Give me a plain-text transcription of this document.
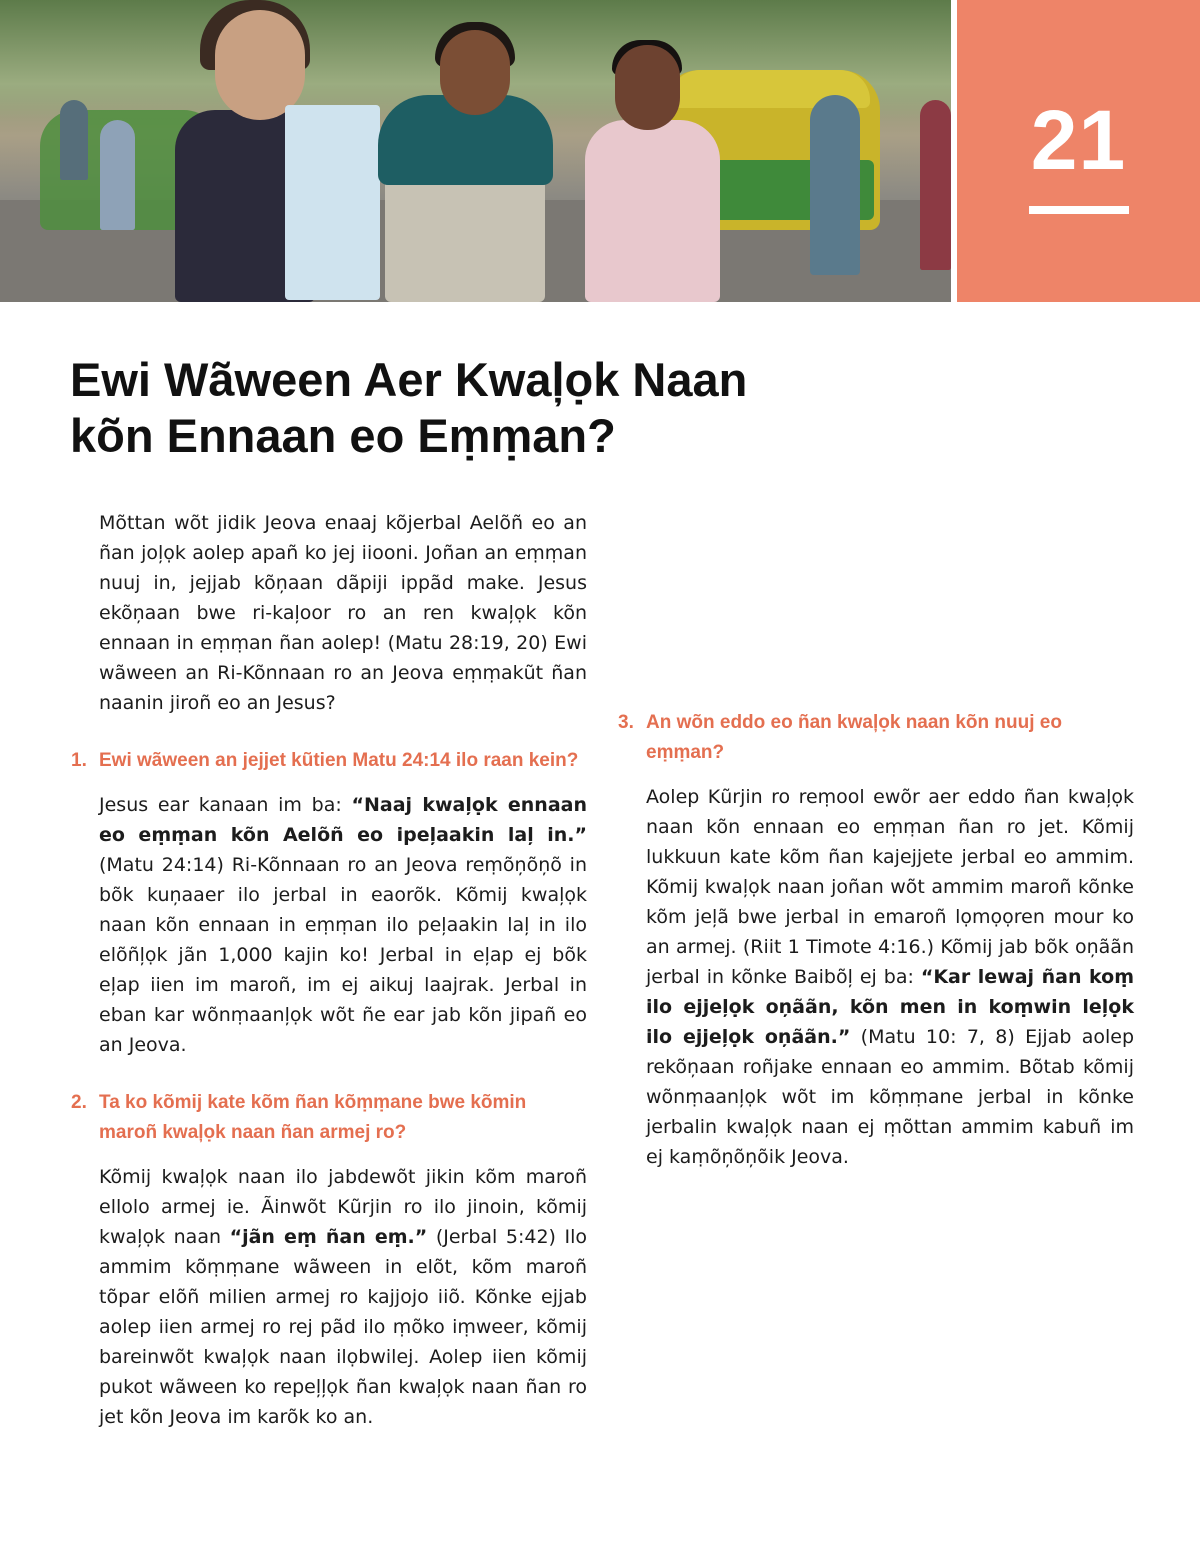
21
Ewi Wãween Aer Kwaļọk Naan
kõn Ennaan eo Eṃṃan?

Mõttan wõt jidik Jeova enaaj kõjerbal Aelõñ eo an ñan joļọk aolep apañ ko jej iiooni. Joñan an eṃṃan nuuj in, jejjab kõņaan dãpiji ippãd make. Jesus ekõņaan bwe ri-kaļoor ro an ren kwaļọk kõn ennaan in eṃṃan ñan aolep! (Matu 28:19, 20) Ewi wãween an Ri-Kõnnaan ro an Jeova eṃṃakũt ñan naanin jiroñ eo an Jesus?

1. Ewi wãween an jejjet kũtien Matu 24:14 ilo raan kein?

Jesus ear kanaan im ba: “Naaj kwaļọk ennaan eo eṃṃan kõn Aelõñ eo ipeļaakin laļ in.” (Matu 24:14) Ri-Kõnnaan ro an Jeova reṃõņõņõ in bõk kuņaaer ilo jerbal in eaorõk. Kõmij kwaļọk naan kõn ennaan in eṃṃan ilo peļaakin laļ in ilo elõñļọk jãn 1,000 kajin ko! Jerbal in eļap ej bõk eļap iien im maroñ, im ej aikuj laajrak. Jerbal in eban kar wõnṃaanļọk wõt ñe ear jab kõn jipañ eo an Jeova.

2. Ta ko kõmij kate kõm ñan kõṃṃane bwe kõmin maroñ kwaļọk naan ñan armej ro?

Kõmij kwaļọk naan ilo jabdewõt jikin kõm maroñ ellolo armej ie. Ãinwõt Kũrjin ro ilo jinoin, kõmij kwaļọk naan “jãn eṃ ñan eṃ.” (Jerbal 5:42) Ilo ammim kõṃṃane wãween in elõt, kõm maroñ tõpar elõñ milien armej ro kajjojo iiõ. Kõnke ejjab aolep iien armej ro rej pãd ilo ṃõko iṃweer, kõmij bareinwõt kwaļọk naan ilọbwilej. Aolep iien kõmij pukot wãween ko repeļļọk ñan kwaļọk naan ñan ro jet kõn Jeova im karõk ko an.

3. An wõn eddo eo ñan kwaļọk naan kõn nuuj eo eṃṃan?

Aolep Kũrjin ro reṃool ewõr aer eddo ñan kwaļọk naan kõn ennaan eo eṃṃan ñan ro jet. Kõmij lukkuun kate kõm ñan kajejjete jerbal eo ammim. Kõmij kwaļọk naan joñan wõt ammim maroñ kõnke kõm jeļã bwe jerbal in emaroñ lọmọọren mour ko an armej. (Riit 1 Timote 4:16.) Kõmij jab bõk oņããn jerbal in kõnke Baibõļ ej ba: “Kar lewaj ñan koṃ ilo ejjeļọk oņããn, kõn men in koṃwin leļọk ilo ejjeļọk oņããn.” (Matu 10: 7, 8) Ejjab aolep rekõņaan roñjake ennaan eo ammim. Bõtab kõmij wõnṃaanļọk wõt im kõṃṃane jerbal in kõnke jerbalin kwaļọk naan ej ṃõttan ammim kabuñ im ej kaṃõņõņõik Jeova.
